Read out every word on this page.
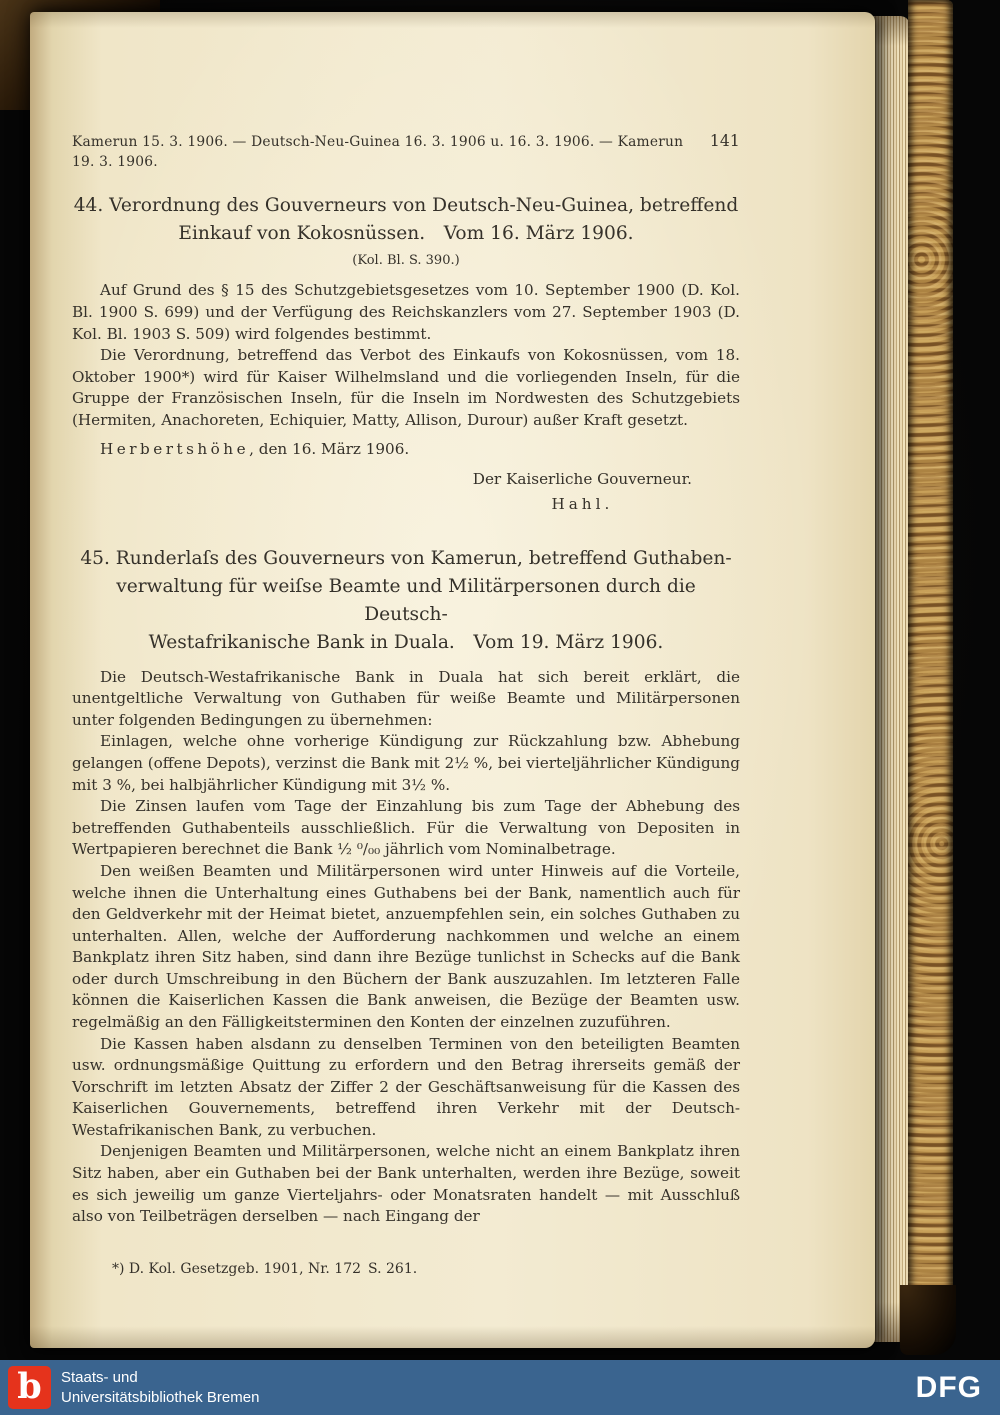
Kamerun 15. 3. 1906. — Deutsch-Neu-Guinea 16. 3. 1906 u. 16. 3. 1906. — Kamerun 19. 3. 1906.
141
44. Verordnung des Gouverneurs von Deutsch-Neu-Guinea, betreffend
Einkauf von Kokosnüssen. Vom 16. März 1906.
(Kol. Bl. S. 390.)

Auf Grund des § 15 des Schutzgebietsgesetzes vom 10. September 1900 (D. Kol. Bl. 1900 S. 699) und der Verfügung des Reichskanzlers vom 27. September 1903 (D. Kol. Bl. 1903 S. 509) wird folgendes bestimmt.

Die Verordnung, betreffend das Verbot des Einkaufs von Kokosnüssen, vom 18. Oktober 1900*) wird für Kaiser Wilhelmsland und die vorliegenden Inseln, für die Gruppe der Französischen Inseln, für die Inseln im Nordwesten des Schutzgebiets (Hermiten, Anachoreten, Echiquier, Matty, Allison, Durour) außer Kraft gesetzt.

Herbertshöhe, den 16. März 1906.
Der Kaiserliche Gouverneur.
Hahl.
45. Runderlaſs des Gouverneurs von Kamerun, betreffend Guthaben-
verwaltung für weiſse Beamte und Militärpersonen durch die Deutsch-
Westafrikanische Bank in Duala. Vom 19. März 1906.

Die Deutsch-Westafrikanische Bank in Duala hat sich bereit erklärt, die unentgeltliche Verwaltung von Guthaben für weiße Beamte und Militärpersonen unter folgenden Bedingungen zu übernehmen:

Einlagen, welche ohne vorherige Kündigung zur Rückzahlung bzw. Abhebung gelangen (offene Depots), verzinst die Bank mit 2½ %, bei vierteljährlicher Kündigung mit 3 %, bei halbjährlicher Kündigung mit 3½ %.

Die Zinsen laufen vom Tage der Einzahlung bis zum Tage der Abhebung des betreffenden Guthabenteils ausschließlich. Für die Verwaltung von Depositen in Wertpapieren berechnet die Bank ½ ⁰/₀₀ jährlich vom Nominalbetrage.

Den weißen Beamten und Militärpersonen wird unter Hinweis auf die Vorteile, welche ihnen die Unterhaltung eines Guthabens bei der Bank, namentlich auch für den Geldverkehr mit der Heimat bietet, anzuempfehlen sein, ein solches Guthaben zu unterhalten. Allen, welche der Aufforderung nachkommen und welche an einem Bankplatz ihren Sitz haben, sind dann ihre Bezüge tunlichst in Schecks auf die Bank oder durch Umschreibung in den Büchern der Bank auszuzahlen. Im letzteren Falle können die Kaiserlichen Kassen die Bank anweisen, die Bezüge der Beamten usw. regelmäßig an den Fälligkeitsterminen den Konten der einzelnen zuzuführen.

Die Kassen haben alsdann zu denselben Terminen von den beteiligten Beamten usw. ordnungsmäßige Quittung zu erfordern und den Betrag ihrerseits gemäß der Vorschrift im letzten Absatz der Ziffer 2 der Geschäftsanweisung für die Kassen des Kaiserlichen Gouvernements, betreffend ihren Verkehr mit der Deutsch-Westafrikanischen Bank, zu verbuchen.

Denjenigen Beamten und Militärpersonen, welche nicht an einem Bankplatz ihren Sitz haben, aber ein Guthaben bei der Bank unterhalten, werden ihre Bezüge, soweit es sich jeweilig um ganze Vierteljahrs- oder Monatsraten handelt — mit Ausschluß also von Teilbeträgen derselben — nach Eingang der

*) D. Kol. Gesetzgeb. 1901, Nr. 172 S. 261.
b	Staats- und
Universitätsbibliothek Bremen	DFG
